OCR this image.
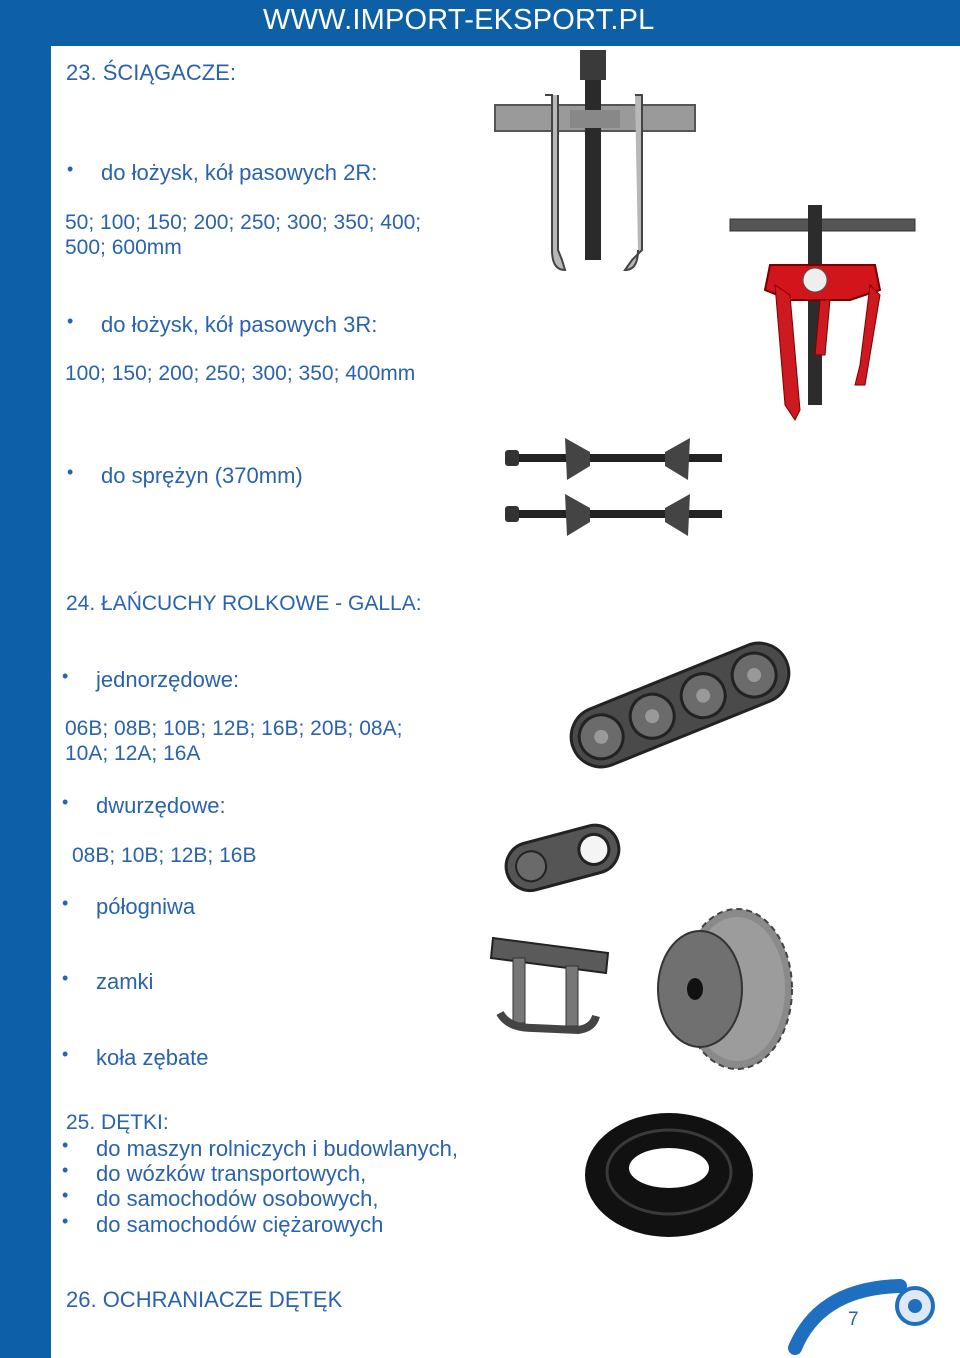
WWW.IMPORT-EKSPORT.PL
23. ŚCIĄGACZE:
• do łożysk, kół pasowych 2R:
50; 100; 150; 200; 250; 300; 350; 400;
500; 600mm
• do łożysk, kół pasowych 3R:
100; 150; 200; 250; 300; 350; 400mm
• do sprężyn (370mm)
24. ŁAŃCUCHY ROLKOWE - GALLA:
• jednorzędowe:
06B; 08B; 10B; 12B; 16B; 20B; 08A;
10A; 12A; 16A
• dwurzędowe:
08B; 10B; 12B; 16B
• półogniwa
• zamki
• koła zębate
25. DĘTKI:
• do maszyn rolniczych i budowlanych,
• do wózków transportowych,
• do samochodów osobowych,
• do samochodów ciężarowych
26. OCHRANIACZE DĘTĘK
7
